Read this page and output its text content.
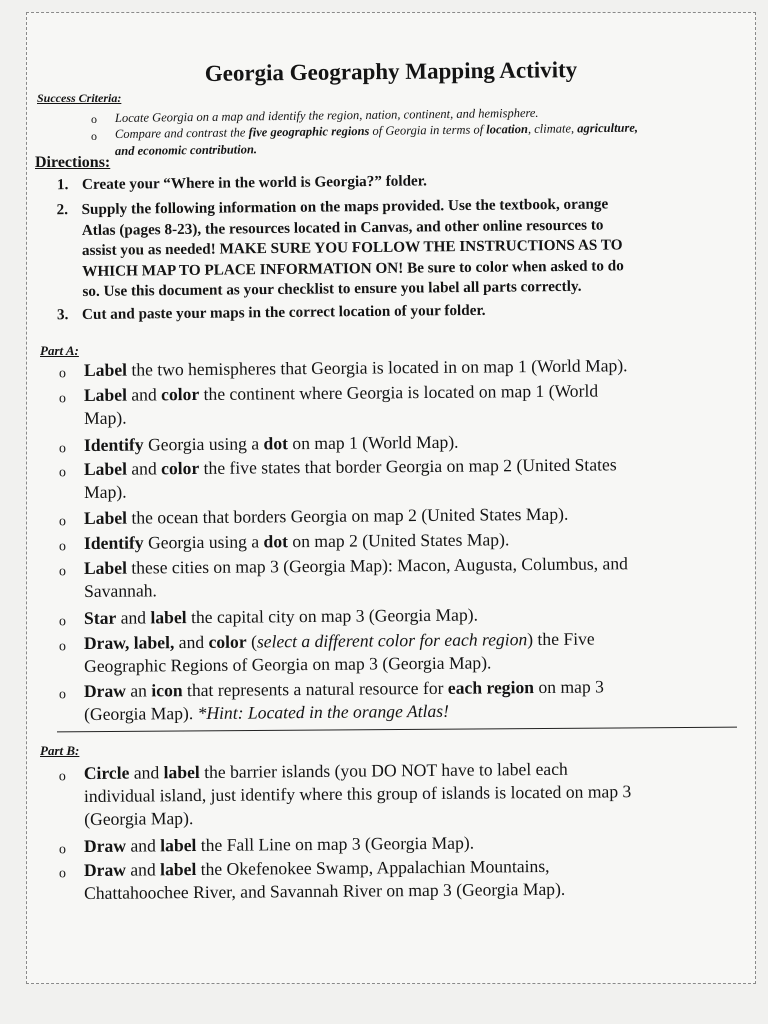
Georgia Geography Mapping Activity
Success Criteria:
o Locate Georgia on a map and identify the region, nation, continent, and hemisphere.
o Compare and contrast the five geographic regions of Georgia in terms of location, climate, agriculture,
and economic contribution.
Directions:
1. Create your “Where in the world is Georgia?” folder.
2. Supply the following information on the maps provided. Use the textbook, orange
Atlas (pages 8-23), the resources located in Canvas, and other online resources to
assist you as needed! MAKE SURE YOU FOLLOW THE INSTRUCTIONS AS TO
WHICH MAP TO PLACE INFORMATION ON! Be sure to color when asked to do
so. Use this document as your checklist to ensure you label all parts correctly.
3. Cut and paste your maps in the correct location of your folder.
Part A:
o Label the two hemispheres that Georgia is located in on map 1 (World Map).
o Label and color the continent where Georgia is located on map 1 (World
Map).
o Identify Georgia using a dot on map 1 (World Map).
o Label and color the five states that border Georgia on map 2 (United States
Map).
o Label the ocean that borders Georgia on map 2 (United States Map).
o Identify Georgia using a dot on map 2 (United States Map).
o Label these cities on map 3 (Georgia Map): Macon, Augusta, Columbus, and
Savannah.
o Star and label the capital city on map 3 (Georgia Map).
o Draw, label, and color (select a different color for each region) the Five
Geographic Regions of Georgia on map 3 (Georgia Map).
o Draw an icon that represents a natural resource for each region on map 3
(Georgia Map). *Hint: Located in the orange Atlas!
Part B:
o Circle and label the barrier islands (you DO NOT have to label each
individual island, just identify where this group of islands is located on map 3
(Georgia Map).
o Draw and label the Fall Line on map 3 (Georgia Map).
o Draw and label the Okefenokee Swamp, Appalachian Mountains,
Chattahoochee River, and Savannah River on map 3 (Georgia Map).
